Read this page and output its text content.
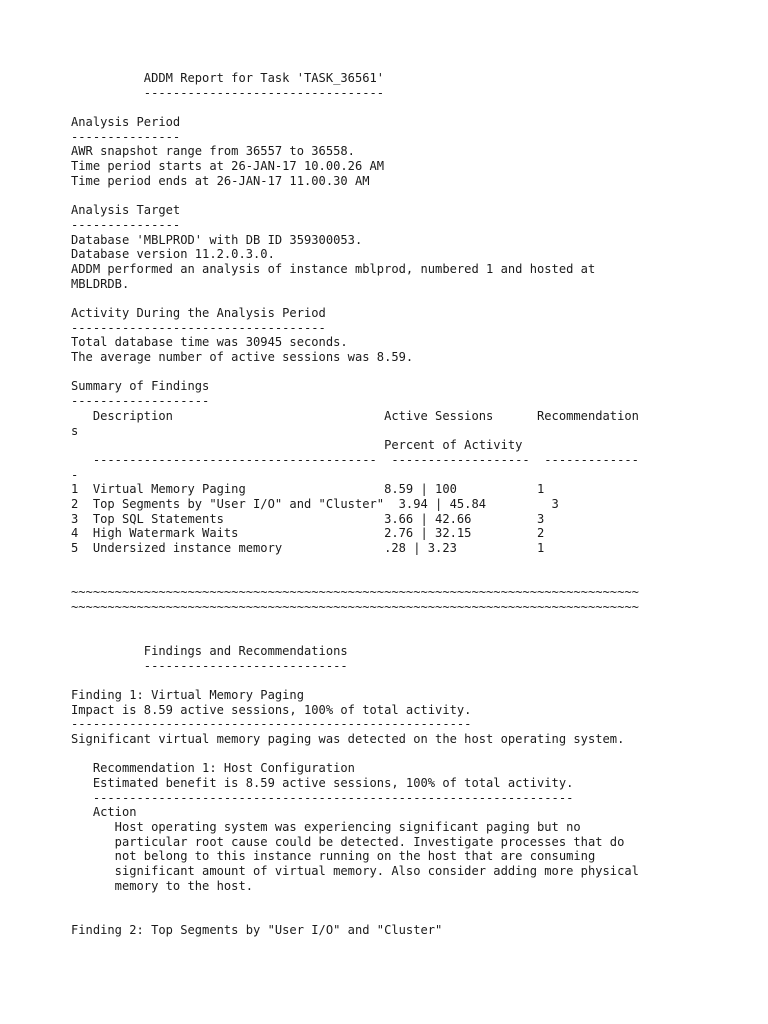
ADDM Report for Task 'TASK_36561'
---------------------------------
Analysis Period
---------------
AWR snapshot range from 36557 to 36558.
Time period starts at 26-JAN-17 10.00.26 AM
Time period ends at 26-JAN-17 11.00.30 AM
Analysis Target
---------------
Database 'MBLPROD' with DB ID 359300053.
Database version 11.2.0.3.0.
ADDM performed an analysis of instance mblprod, numbered 1 and hosted at
MBLDRDB.
Activity During the Analysis Period
-----------------------------------
Total database time was 30945 seconds.
The average number of active sessions was 8.59.
Summary of Findings
-------------------
Description                             Active Sessions      Recommendation
s
Percent of Activity
---------------------------------------  -------------------  -------------
-
1  Virtual Memory Paging                   8.59 | 100           1
2  Top Segments by "User I/O" and "Cluster"  3.94 | 45.84         3
3  Top SQL Statements                      3.66 | 42.66         3
4  High Watermark Waits                    2.76 | 32.15         2
5  Undersized instance memory              .28 | 3.23           1
~~~~~~~~~~~~~~~~~~~~~~~~~~~~~~~~~~~~~~~~~~~~~~~~~~~~~~~~~~~~~~~~~~~~~~~~~~~~~~
~~~~~~~~~~~~~~~~~~~~~~~~~~~~~~~~~~~~~~~~~~~~~~~~~~~~~~~~~~~~~~~~~~~~~~~~~~~~~~
Findings and Recommendations
----------------------------
Finding 1: Virtual Memory Paging
Impact is 8.59 active sessions, 100% of total activity.
-------------------------------------------------------
Significant virtual memory paging was detected on the host operating system.
Recommendation 1: Host Configuration
Estimated benefit is 8.59 active sessions, 100% of total activity.
------------------------------------------------------------------
Action
Host operating system was experiencing significant paging but no
particular root cause could be detected. Investigate processes that do
not belong to this instance running on the host that are consuming
significant amount of virtual memory. Also consider adding more physical
memory to the host.
Finding 2: Top Segments by "User I/O" and "Cluster"
